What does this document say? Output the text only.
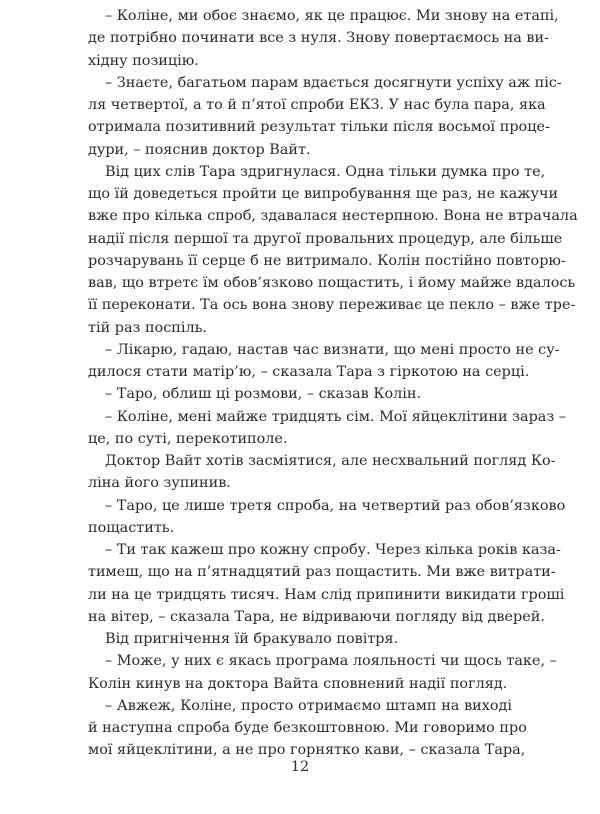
– Коліне, ми обоє знаємо, як це працює. Ми знову на етапі,
де потрібно починати все з нуля. Знову повертаємось на ви-
хідну позицію.
– Знаєте, багатьом парам вдається досягнути успіху аж піс-
ля четвертої, а то й п’ятої спроби ЕКЗ. У нас була пара, яка
отримала позитивний результат тільки після восьмої проце-
дури, – пояснив доктор Вайт.
Від цих слів Тара здригнулася. Одна тільки думка про те,
що їй доведеться пройти це випробування ще раз, не кажучи
вже про кілька спроб, здавалася нестерпною. Вона не втрачала
надії після першої та другої провальних процедур, але більше
розчарувань її серце б не витримало. Колін постійно повторю-
вав, що втретє їм обов’язково пощастить, і йому майже вдалось
її переконати. Та ось вона знову переживає це пекло – вже тре-
тій раз поспіль.
– Лікарю, гадаю, настав час визнати, що мені просто не су-
дилося стати матір’ю, – сказала Тара з гіркотою на серці.
– Таро, облиш ці розмови, – сказав Колін.
– Коліне, мені майже тридцять сім. Мої яйцеклітини зараз –
це, по суті, перекотиполе.
Доктор Вайт хотів засміятися, але несхвальний погляд Ко-
ліна його зупинив.
– Таро, це лише третя спроба, на четвертий раз обов’язково
пощастить.
– Ти так кажеш про кожну спробу. Через кілька років каза-
тимеш, що на п’ятнадцятий раз пощастить. Ми вже витрати-
ли на це тридцять тисяч. Нам слід припинити викидати гроші
на вітер, – сказала Тара, не відриваючи погляду від дверей.
Від пригнічення їй бракувало повітря.
– Може, у них є якась програма лояльності чи щось таке, –
Колін кинув на доктора Вайта сповнений надії погляд.
– Авжеж, Коліне, просто отримаємо штамп на виході
й наступна спроба буде безкоштовною. Ми говоримо про
мої яйцеклітини, а не про горнятко кави, – сказала Тара,
12
